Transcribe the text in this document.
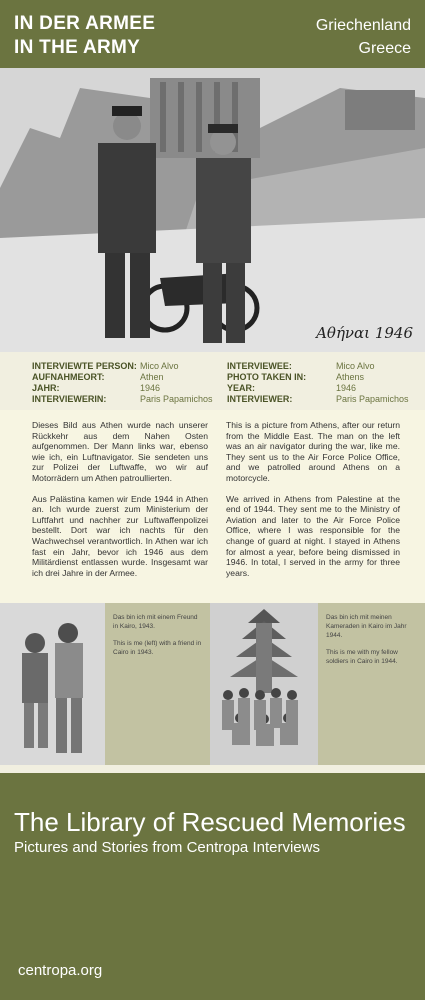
IN DER ARMEE
IN THE ARMY
Griechenland
Greece
Αθήναι 1946
INTERVIEWTE PERSON:
AUFNAHMEORT:
JAHR:
INTERVIEWERIN:
Mico Alvo
Athen
1946
Paris Papamichos
INTERVIEWEE:
PHOTO TAKEN IN:
YEAR:
INTERVIEWER:
Mico Alvo
Athens
1946
Paris Papamichos

Dieses Bild aus Athen wurde nach unserer Rückkehr aus dem Nahen Osten aufgenommen. Der Mann links war, ebenso wie ich, ein Luftnavigator. Sie sendeten uns zur Polizei der Luftwaffe, wo wir auf Motorrädern um Athen patroullierten.

Aus Palästina kamen wir Ende 1944 in Athen an. Ich wurde zuerst zum Ministerium der Luftfahrt und nachher zur Luftwaffenpolizei bestellt. Dort war ich nachts für den Wachwechsel verantwortlich. In Athen war ich fast ein Jahr, bevor ich 1946 aus dem Militärdienst entlassen wurde. Insgesamt war ich drei Jahre in der Armee.

This is a picture from Athens, after our return from the Middle East. The man on the left was an air navigator during the war, like me. They sent us to the Air Force Police Office, and we patrolled around Athens on a motorcycle.

We arrived in Athens from Palestine at the end of 1944. They sent me to the Ministry of Aviation and later to the Air Force Police Office, where I was responsible for the change of guard at night. I stayed in Athens for almost a year, before being dismissed in 1946. In total, I served in the army for three years.

Das bin ich mit einem Freund in Kairo, 1943.

This is me (left) with a friend in Cairo in 1943.

Das bin ich mit meinen Kameraden in Kairo im Jahr 1944.

This is me with my fellow soldiers in Cairo in 1944.

The Library of Rescued Memories
Pictures and Stories from Centropa Interviews
centropa.org
